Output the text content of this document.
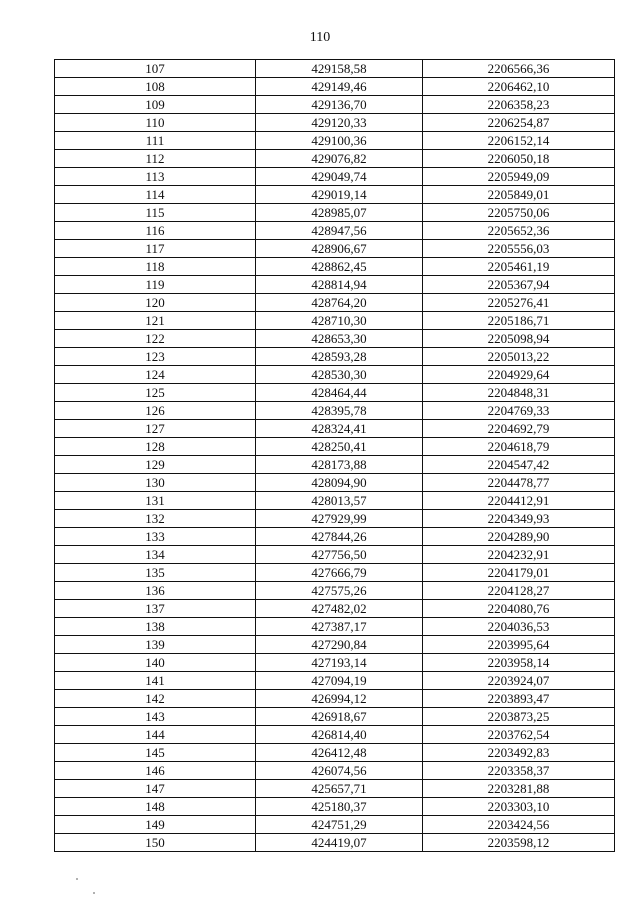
110
107	429158,58	2206566,36
108	429149,46	2206462,10
109	429136,70	2206358,23
110	429120,33	2206254,87
111	429100,36	2206152,14
112	429076,82	2206050,18
113	429049,74	2205949,09
114	429019,14	2205849,01
115	428985,07	2205750,06
116	428947,56	2205652,36
117	428906,67	2205556,03
118	428862,45	2205461,19
119	428814,94	2205367,94
120	428764,20	2205276,41
121	428710,30	2205186,71
122	428653,30	2205098,94
123	428593,28	2205013,22
124	428530,30	2204929,64
125	428464,44	2204848,31
126	428395,78	2204769,33
127	428324,41	2204692,79
128	428250,41	2204618,79
129	428173,88	2204547,42
130	428094,90	2204478,77
131	428013,57	2204412,91
132	427929,99	2204349,93
133	427844,26	2204289,90
134	427756,50	2204232,91
135	427666,79	2204179,01
136	427575,26	2204128,27
137	427482,02	2204080,76
138	427387,17	2204036,53
139	427290,84	2203995,64
140	427193,14	2203958,14
141	427094,19	2203924,07
142	426994,12	2203893,47
143	426918,67	2203873,25
144	426814,40	2203762,54
145	426412,48	2203492,83
146	426074,56	2203358,37
147	425657,71	2203281,88
148	425180,37	2203303,10
149	424751,29	2203424,56
150	424419,07	2203598,12
